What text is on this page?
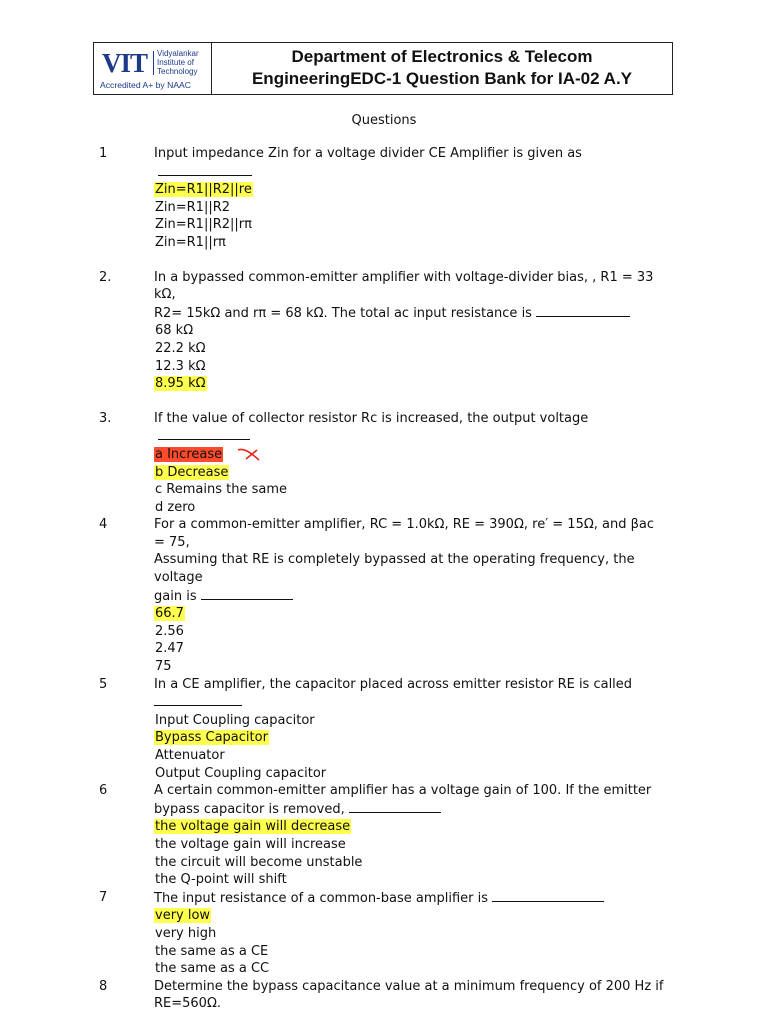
VIT Vidyalankar
Institute of
Technology
Accredited A+ by NAAC
Department of Electronics & Telecom
EngineeringEDC-1 Question Bank for IA-02 A.Y
Questions
1	Input impedance Zin for a voltage divider CE Amplifier is given as
Zin=R1||R2||re
Zin=R1||R2
Zin=R1||R2||rπ
Zin=R1||rπ
2.	In a bypassed common-emitter amplifier with voltage-divider bias, , R1 = 33 kΩ,
R2= 15kΩ and rπ = 68 kΩ. The total ac input resistance is
68 kΩ
22.2 kΩ
12.3 kΩ
8.95 kΩ
3.	If the value of collector resistor Rc is increased, the output voltage
a Increase
b Decrease
c Remains the same
d zero
4	For a common-emitter amplifier, RC = 1.0kΩ, RE = 390Ω, re′ = 15Ω, and βac = 75,
Assuming that RE is completely bypassed at the operating frequency, the voltage
gain is
66.7
2.56
2.47
75
5	In a CE amplifier, the capacitor placed across emitter resistor RE is called
Input Coupling capacitor
Bypass Capacitor
Attenuator
Output Coupling capacitor
6	A certain common-emitter amplifier has a voltage gain of 100. If the emitter
bypass capacitor is removed,
the voltage gain will decrease
the voltage gain will increase
the circuit will become unstable
the Q-point will shift
7	The input resistance of a common-base amplifier is
very low
very high
the same as a CE
the same as a CC
8	Determine the bypass capacitance value at a minimum frequency of 200 Hz if
RE=560Ω.
